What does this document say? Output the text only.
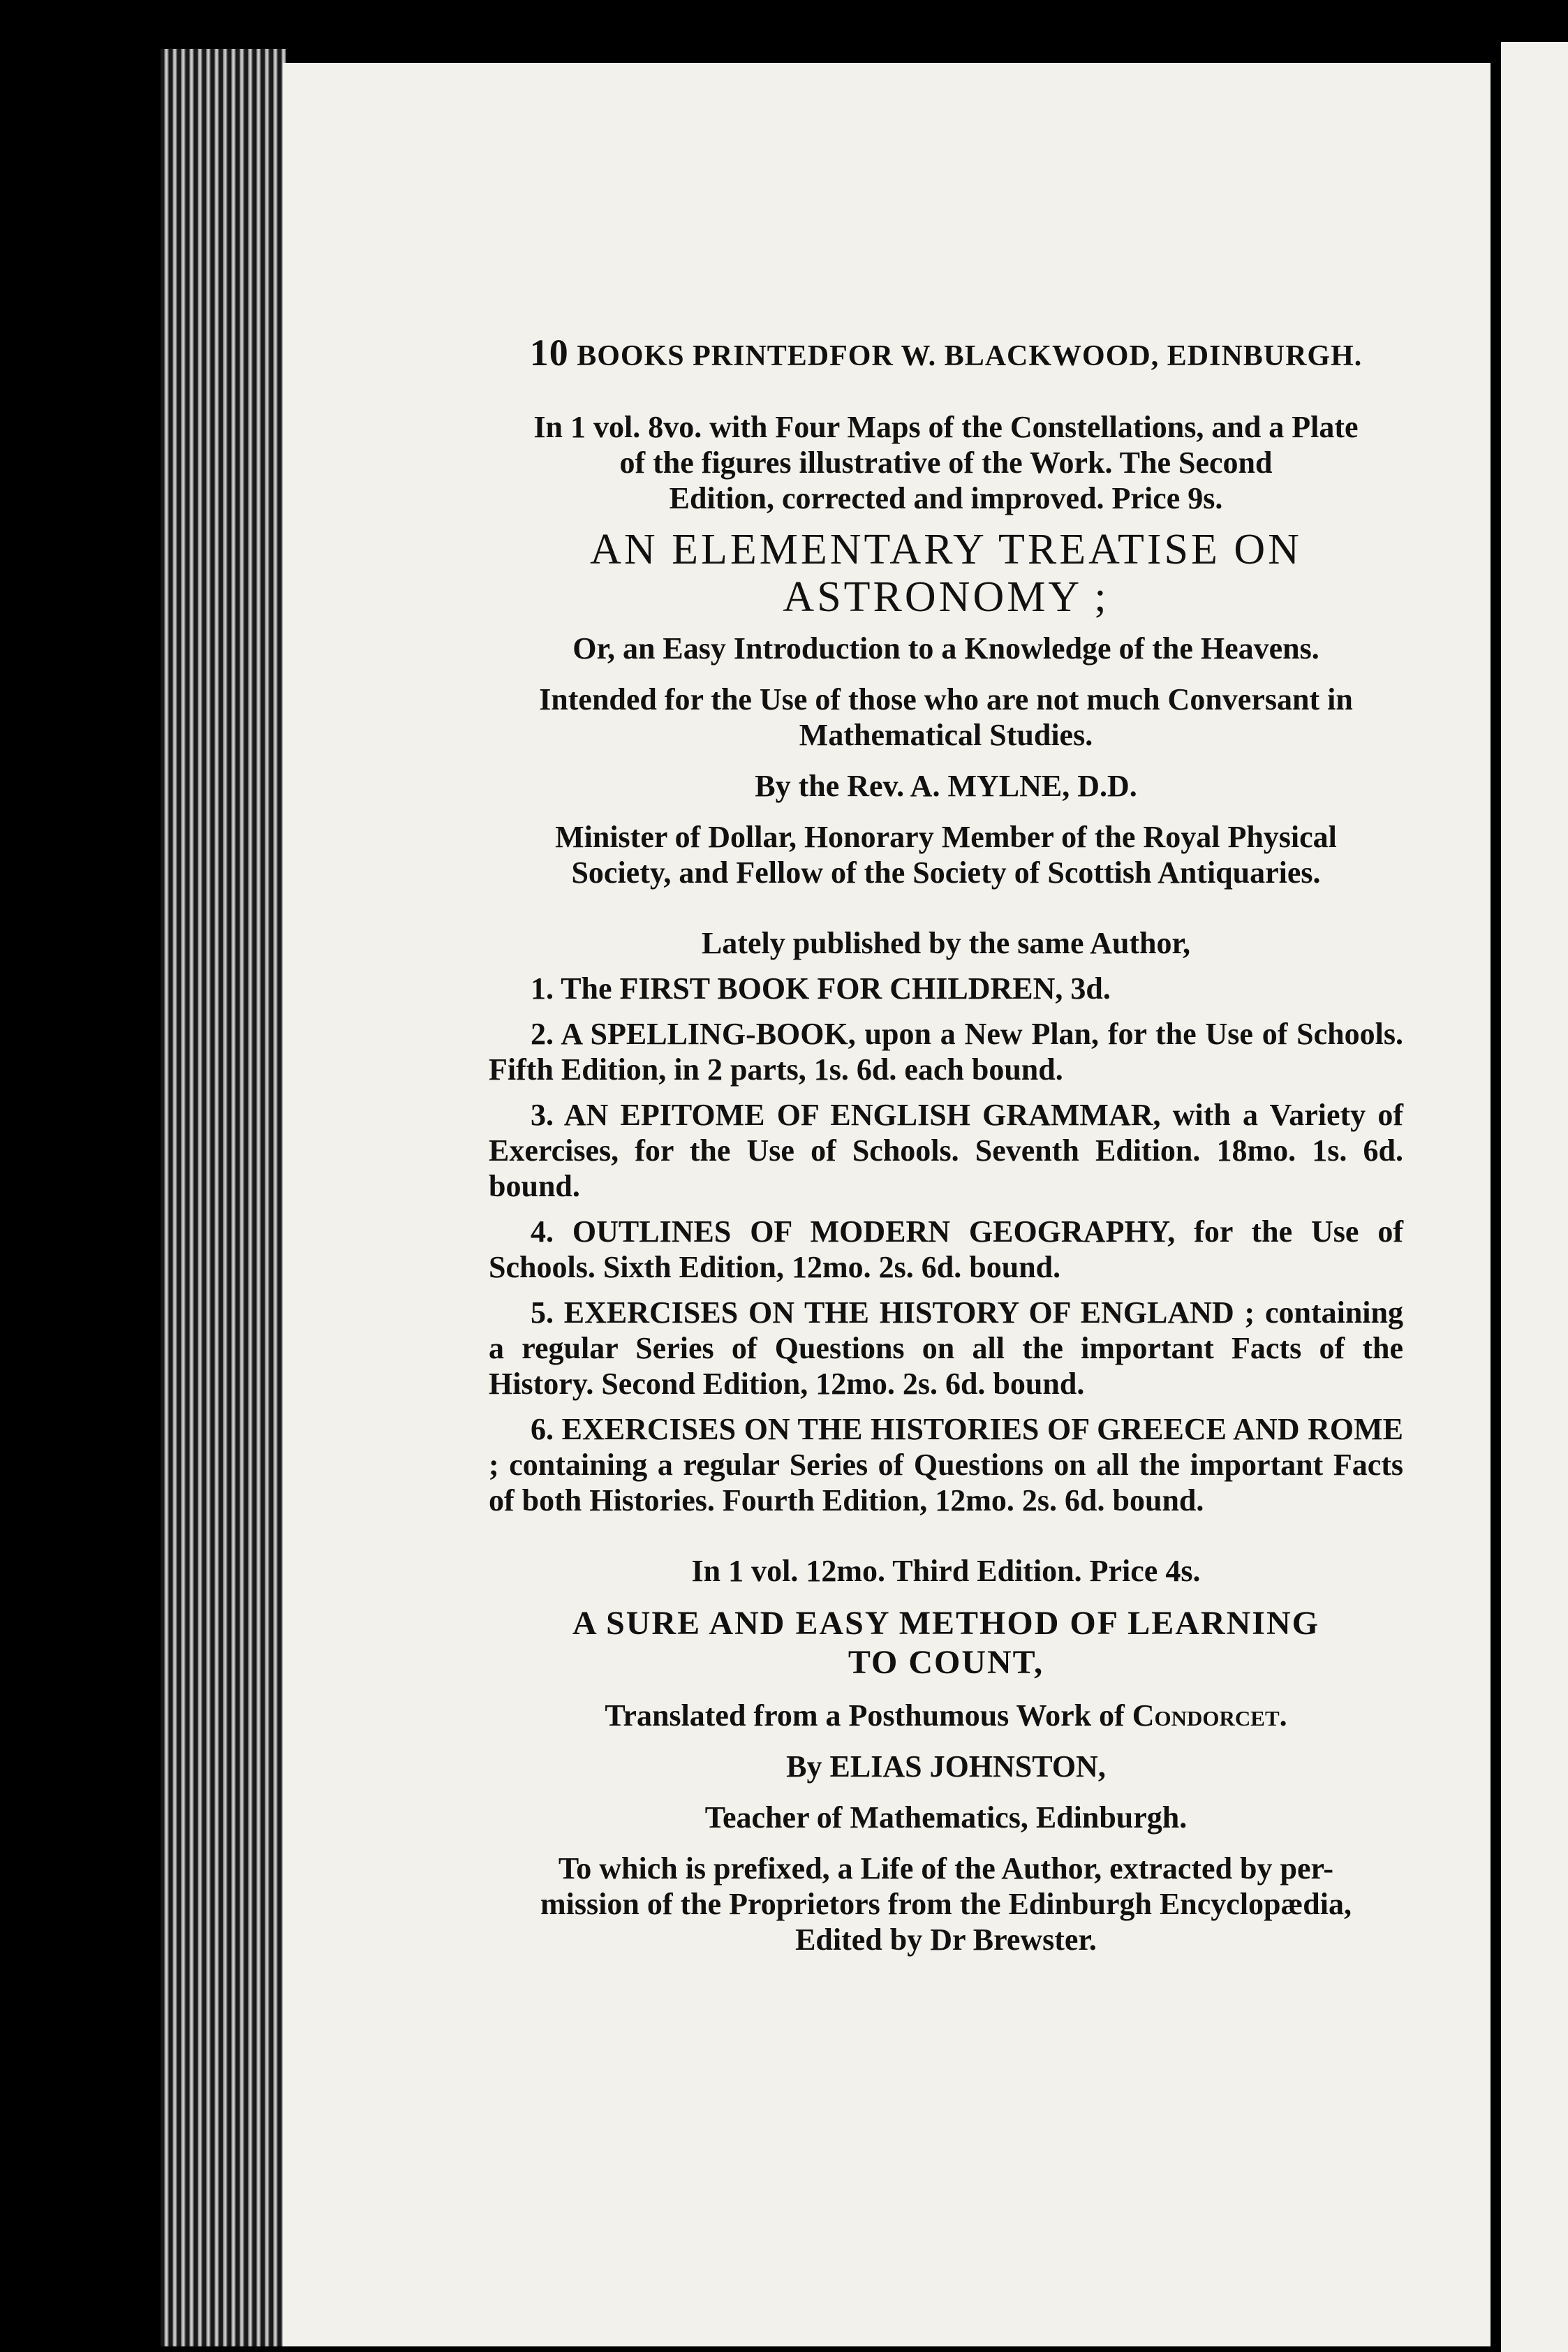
10 BOOKS PRINTEDFOR W. BLACKWOOD, EDINBURGH.

In 1 vol. 8vo. with Four Maps of the Constellations, and a Plate

of the figures illustrative of the Work. The Second

Edition, corrected and improved. Price 9s.

AN ELEMENTARY TREATISE ON

ASTRONOMY ;

Or, an Easy Introduction to a Knowledge of the Heavens.

Intended for the Use of those who are not much Conversant in

Mathematical Studies.

By the Rev. A. MYLNE, D.D.

Minister of Dollar, Honorary Member of the Royal Physical

Society, and Fellow of the Society of Scottish Antiquaries.

Lately published by the same Author,

1. The FIRST BOOK FOR CHILDREN, 3d.

2. A SPELLING-BOOK, upon a New Plan, for the Use of Schools. Fifth Edition, in 2 parts, 1s. 6d. each bound.

3. AN EPITOME OF ENGLISH GRAMMAR, with a Variety of Exercises, for the Use of Schools. Seventh Edition. 18mo. 1s. 6d. bound.

4. OUTLINES OF MODERN GEOGRAPHY, for the Use of Schools. Sixth Edition, 12mo. 2s. 6d. bound.

5. EXERCISES ON THE HISTORY OF ENGLAND ; containing a regular Series of Questions on all the important Facts of the History. Second Edition, 12mo. 2s. 6d. bound.

6. EXERCISES ON THE HISTORIES OF GREECE AND ROME ; containing a regular Series of Questions on all the important Facts of both Histories. Fourth Edition, 12mo. 2s. 6d. bound.

In 1 vol. 12mo. Third Edition. Price 4s.

A SURE AND EASY METHOD OF LEARNING

TO COUNT,

Translated from a Posthumous Work of Condorcet.

By ELIAS JOHNSTON,

Teacher of Mathematics, Edinburgh.

To which is prefixed, a Life of the Author, extracted by per-

mission of the Proprietors from the Edinburgh Encyclopædia,

Edited by Dr Brewster.
